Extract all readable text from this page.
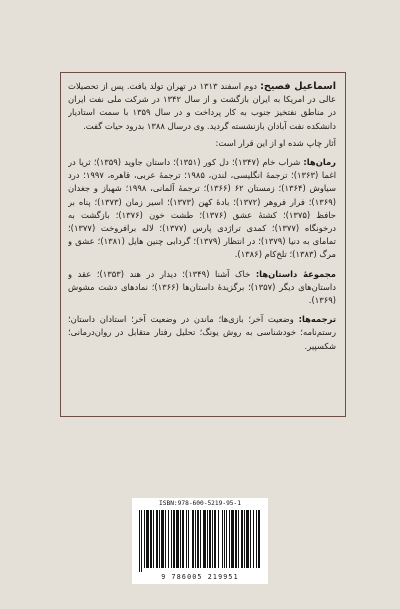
اسماعیل فصیح: دوم اسفند ۱۳۱۳ در تهران تولد یافت. پس از تحصیلات عالی در امریکا به ایران بازگشت و از سال ۱۳۴۲ در شرکت ملی نفت ایران در مناطق نفتخیز جنوب به کار پرداخت و در سال ۱۳۵۹ با سمت استادیار دانشکده نفت آبادان بازنشسته گردید. وی درسال ۱۳۸۸ بدرود حیات گفت.

آثار چاپ شده او از این قرار است:

رمان‌ها: شراب خام (۱۳۴۷)؛ دل کور (۱۳۵۱)؛ داستان جاوید (۱۳۵۹)؛ ثریا در اغما (۱۳۶۳)؛ ترجمهٔ انگلیسی، لندن، ۱۹۸۵؛ ترجمهٔ عربی، قاهره، ۱۹۹۷؛ درد سیاوش (۱۳۶۴)؛ زمستان ۶۲ (۱۳۶۶)؛ ترجمهٔ آلمانی، ۱۹۹۸؛ شهباز و جغدان (۱۳۶۹)؛ فرار فروهر (۱۳۷۲)؛ بادهٔ کهن (۱۳۷۳)؛ اسیر زمان (۱۳۷۳)؛ پناه بر حافظ (۱۳۷۵)؛ کشتهٔ عشق (۱۳۷۶)؛ طشت خون (۱۳۷۶)؛ بازگشت به درخونگاه (۱۳۷۷)؛ کمدی تراژدی پارس (۱۳۷۷)؛ لاله برافروخت (۱۳۷۷)؛ تماما‌ی به دنیا (۱۳۷۹)؛ در انتظار (۱۳۷۹)؛ گردابی چنین هایل (۱۳۸۱)؛ عشق و مرگ (۱۳۸۳)؛ تلخ‌کام (۱۳۸۶).

مجموعهٔ داستان‌ها: خاک آشنا (۱۳۴۹)؛ دیدار در هند (۱۳۵۳)؛ عقد و داستان‌های دیگر (۱۳۵۷)؛ برگزیدهٔ داستان‌ها (۱۳۶۶)؛ نمادهای دشت مشوش (۱۳۶۹).

ترجمه‌ها: وضعیت آخر؛ بازی‌ها؛ ماندن در وضعیت آخر؛ استادان داستان؛ رستم‌نامه؛ خودشناسی به روش یونگ؛ تحلیل رفتار متقابل در روان‌درمانی؛ شکسپیر.

ISBN:978-600-5219-95-1
9 786005 219951
